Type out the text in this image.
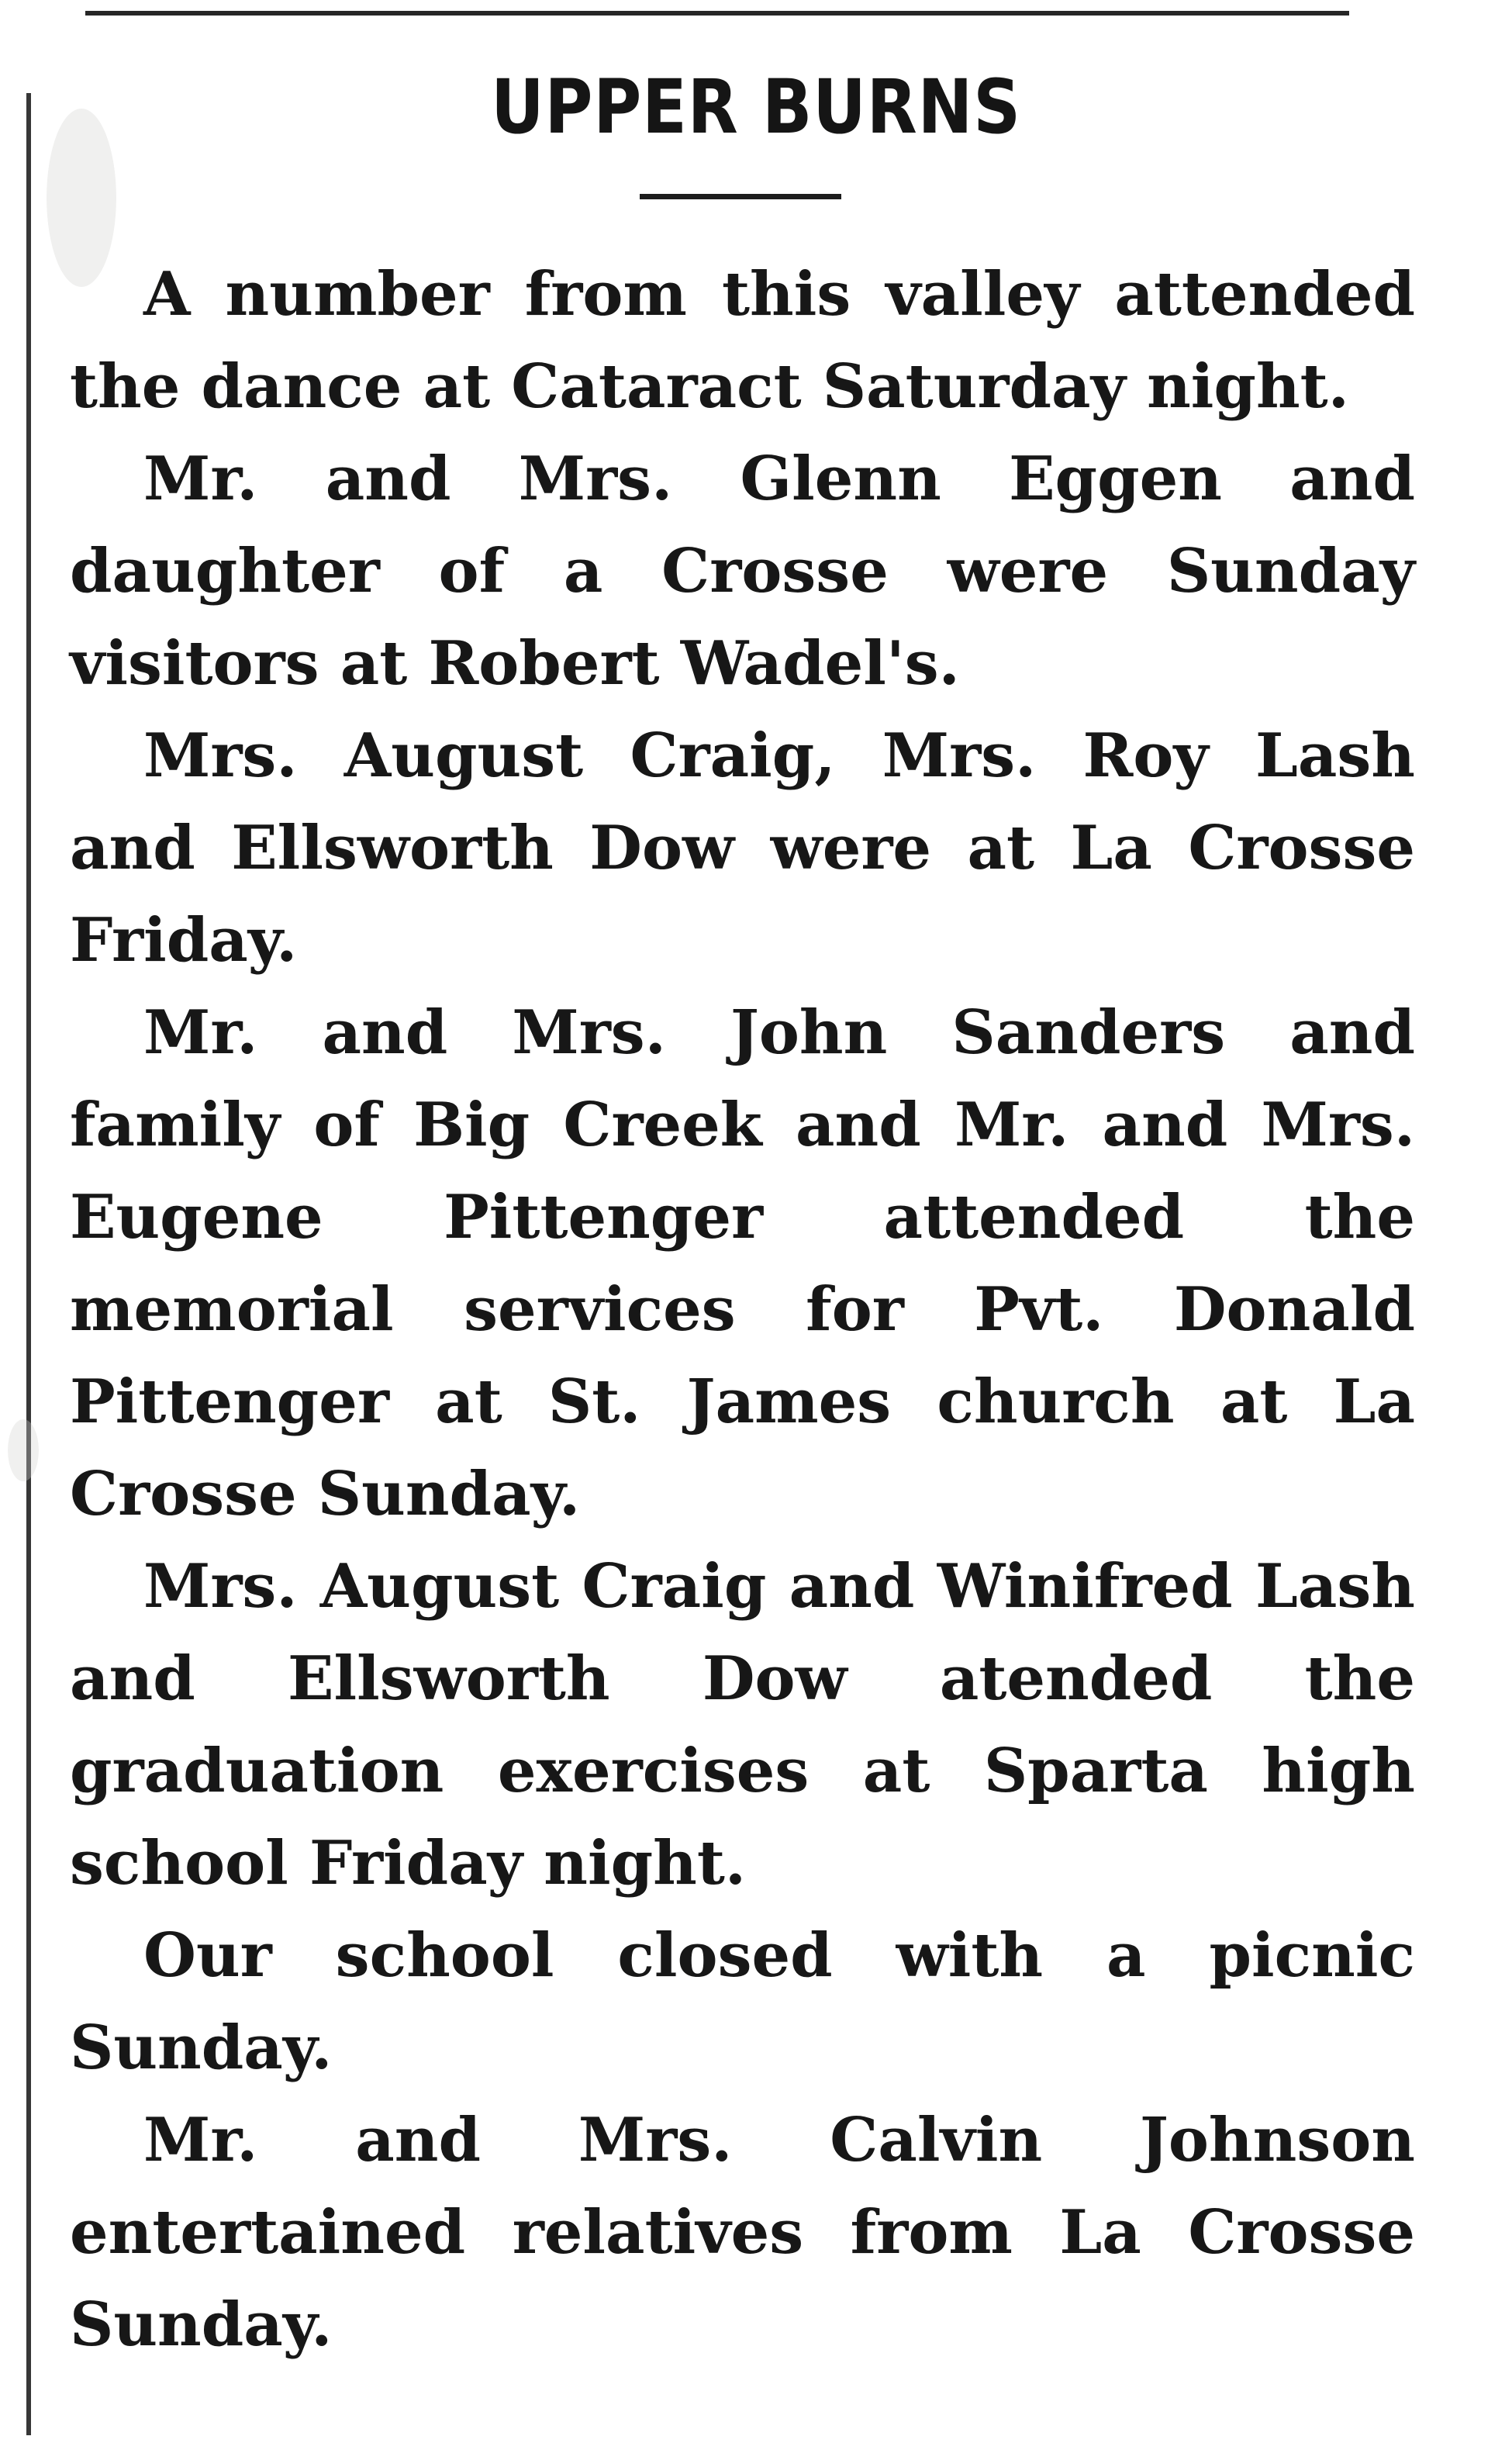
UPPER BURNS

A number from this valley attended the dance at Cataract Saturday night.

Mr. and Mrs. Glenn Eggen and daughter of a Crosse were Sunday visitors at Robert Wadel's.

Mrs. August Craig, Mrs. Roy Lash and Ellsworth Dow were at La Crosse Friday.

Mr. and Mrs. John Sanders and family of Big Creek and Mr. and Mrs. Eugene Pittenger attended the memorial services for Pvt. Donald Pittenger at St. James church at La Crosse Sunday.

Mrs. August Craig and Winifred Lash and Ellsworth Dow atended the graduation exercises at Sparta high school Friday night.

Our school closed with a picnic Sunday.

Mr. and Mrs. Calvin Johnson entertained relatives from La Crosse Sunday.
